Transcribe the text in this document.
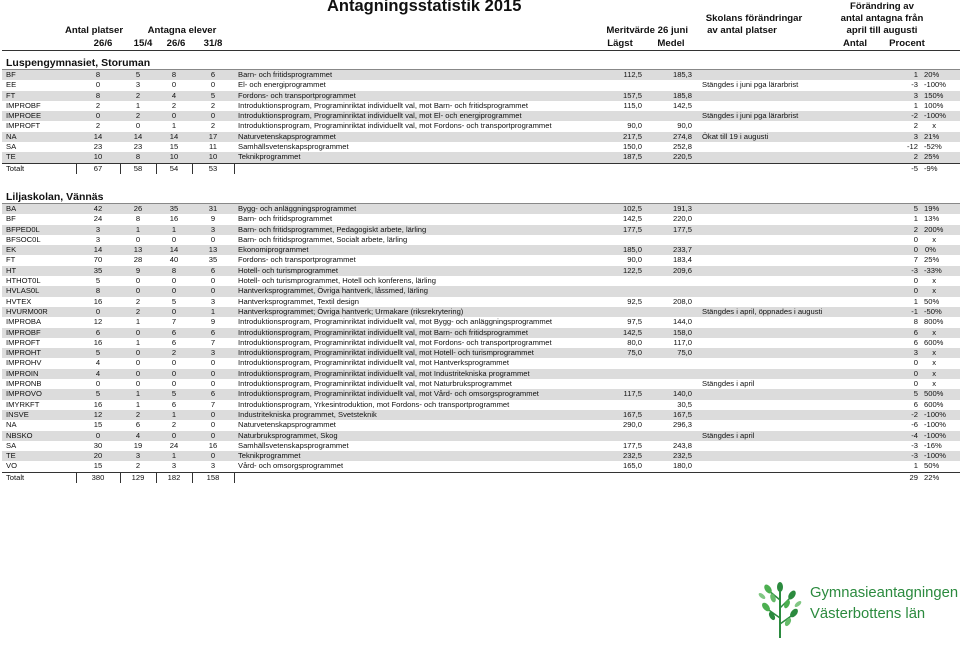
Antagningsstatistik 2015
Antal platser	Antagna elever	Meritvärde 26 juni
Skolans förändringar
av antal platser
Förändring av
antal antagna från
april till augusti
26/6	15/4	26/6	31/8	Lägst	Medel	Antal	Procent
Luspengymnasiet, Storuman
BF	8	5	8	6	Barn- och fritidsprogrammet	112,5	185,3		1	20%
EE	0	3	0	0	El- och energiprogrammet			Stängdes i juni pga lärarbrist	-3	-100%
FT	8	2	4	5	Fordons- och transportprogrammet	157,5	185,8		3	150%
IMPROBF	2	1	2	2	Introduktionsprogram, Programinriktat individuellt val, mot Barn- och fritidsprogrammet	115,0	142,5		1	100%
IMPROEE	0	2	0	0	Introduktionsprogram, Programinriktat individuellt val, mot El- och energiprogrammet			Stängdes i juni pga lärarbrist	-2	-100%
IMPROFT	2	0	1	2	Introduktionsprogram, Programinriktat individuellt val, mot Fordons- och transportprogrammet	90,0	90,0		2	x
NA	14	14	14	17	Naturvetenskapsprogrammet	217,5	274,8	Ökat till 19 i augusti	3	21%
SA	23	23	15	11	Samhällsvetenskapsprogrammet	150,0	252,8		-12	-52%
TE	10	8	10	10	Teknikprogrammet	187,5	220,5		2	25%
Totalt	67	58	54	53					-5	-9%
Liljaskolan, Vännäs
BA	42	26	35	31	Bygg- och anläggningsprogrammet	102,5	191,3		5	19%
BF	24	8	16	9	Barn- och fritidsprogrammet	142,5	220,0		1	13%
BFPED0L	3	1	1	3	Barn- och fritidsprogrammet, Pedagogiskt arbete, lärling	177,5	177,5		2	200%
BFSOC0L	3	0	0	0	Barn- och fritidsprogrammet, Socialt arbete, lärling				0	x
EK	14	13	14	13	Ekonomiprogrammet	185,0	233,7		0	0%
FT	70	28	40	35	Fordons- och transportprogrammet	90,0	183,4		7	25%
HT	35	9	8	6	Hotell- och turismprogrammet	122,5	209,6		-3	-33%
HTHOT0L	5	0	0	0	Hotell- och turismprogrammet, Hotell och konferens, lärling				0	x
HVLAS0L	8	0	0	0	Hantverksprogrammet, Övriga hantverk, låssmed, lärling				0	x
HVTEX	16	2	5	3	Hantverksprogrammet, Textil design	92,5	208,0		1	50%
HVURM00R	0	2	0	1	Hantverksprogrammet; Övriga hantverk; Urmakare (riksrekrytering)			Stängdes i april, öppnades i augusti	-1	-50%
IMPROBA	12	1	7	9	Introduktionsprogram, Programinriktat individuellt val, mot Bygg- och anläggningsprogrammet	97,5	144,0		8	800%
IMPROBF	6	0	6	6	Introduktionsprogram, Programinriktat individuellt val, mot Barn- och fritidsprogrammet	142,5	158,0		6	x
IMPROFT	16	1	6	7	Introduktionsprogram, Programinriktat individuellt val, mot Fordons- och transportprogrammet	80,0	117,0		6	600%
IMPROHT	5	0	2	3	Introduktionsprogram, Programinriktat individuellt val, mot Hotell- och turismprogrammet	75,0	75,0		3	x
IMPROHV	4	0	0	0	Introduktionsprogram, Programinriktat individuellt val, mot Hantverksprogrammet				0	x
IMPROIN	4	0	0	0	Introduktionsprogram, Programinriktat individuellt val, mot Industritekniska programmet				0	x
IMPRONB	0	0	0	0	Introduktionsprogram, Programinriktat individuellt val, mot Naturbruksprogrammet			Stängdes i april	0	x
IMPROVO	5	1	5	6	Introduktionsprogram, Programinriktat individuellt val, mot Vård- och omsorgsprogrammet	117,5	140,0		5	500%
IMYRKFT	16	1	6	7	Introduktionsprogram, Yrkesintroduktion, mot Fordons- och transportprogrammet		30,5		6	600%
INSVE	12	2	1	0	Industritekniska programmet, Svetsteknik	167,5	167,5		-2	-100%
NA	15	6	2	0	Naturvetenskapsprogrammet	290,0	296,3		-6	-100%
NBSKO	0	4	0	0	Naturbruksprogrammet, Skog			Stängdes i april	-4	-100%
SA	30	19	24	16	Samhällsvetenskapsprogrammet	177,5	243,8		-3	-16%
TE	20	3	1	0	Teknikprogrammet	232,5	232,5		-3	-100%
VO	15	2	3	3	Vård- och omsorgsprogrammet	165,0	180,0		1	50%
Totalt	380	129	182	158					29	22%
Gymnasieantagningen
Västerbottens län
